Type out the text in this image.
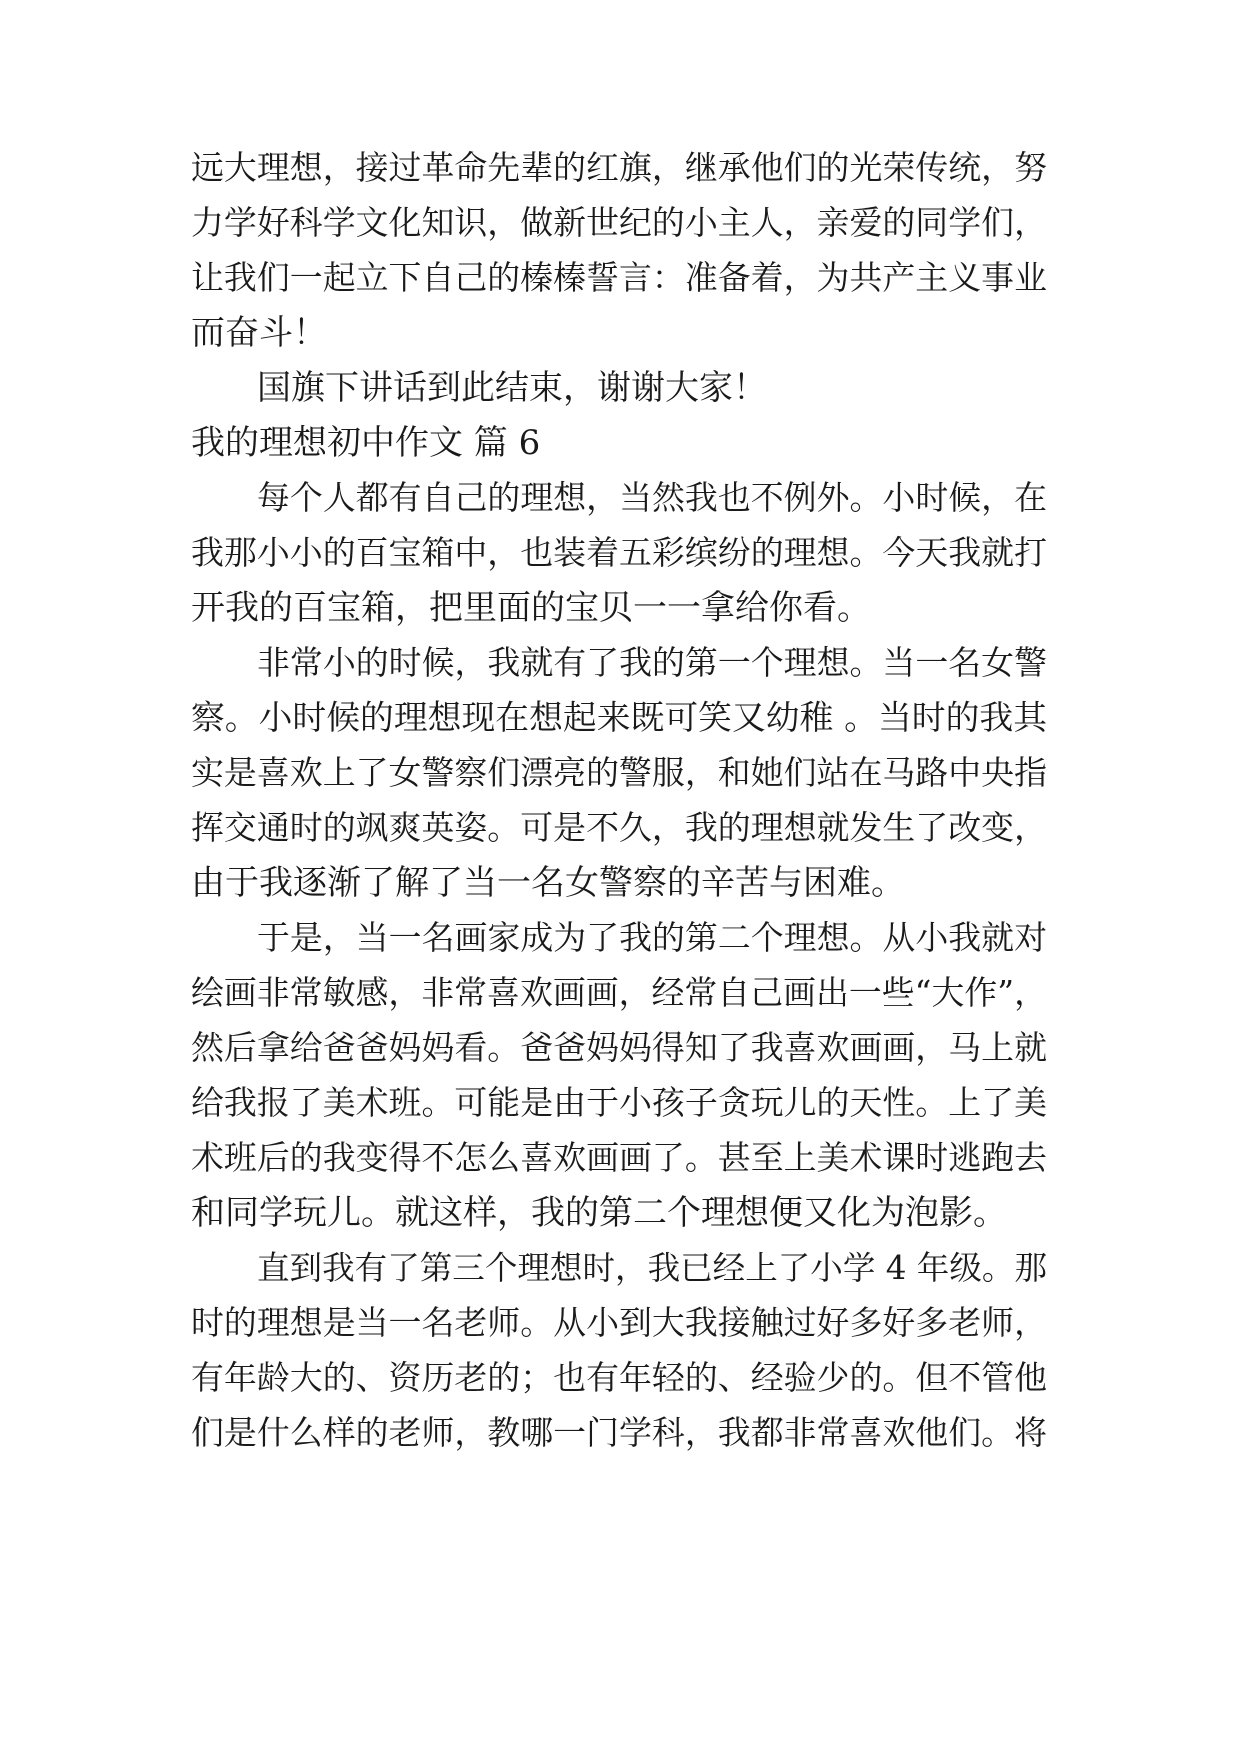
远大理想，接过革命先辈的红旗，继承他们的光荣传统，努
力学好科学文化知识，做新世纪的小主人，亲爱的同学们，
让我们一起立下自己的榛榛誓言：准备着，为共产主义事业
而奋斗！
国旗下讲话到此结束，谢谢大家！
我的理想初中作文 篇 6
每个人都有自己的理想，当然我也不例外。小时候，在
我那小小的百宝箱中，也装着五彩缤纷的理想。今天我就打
开我的百宝箱，把里面的宝贝一一拿给你看。
非常小的时候，我就有了我的第一个理想。当一名女警
察。小时候的理想现在想起来既可笑又幼稚 。当时的我其
实是喜欢上了女警察们漂亮的警服，和她们站在马路中央指
挥交通时的飒爽英姿。可是不久，我的理想就发生了改变，
由于我逐渐了解了当一名女警察的辛苦与困难。
于是，当一名画家成为了我的第二个理想。从小我就对
绘画非常敏感，非常喜欢画画，经常自己画出一些“大作”，
然后拿给爸爸妈妈看。爸爸妈妈得知了我喜欢画画，马上就
给我报了美术班。可能是由于小孩子贪玩儿的天性。上了美
术班后的我变得不怎么喜欢画画了。甚至上美术课时逃跑去
和同学玩儿。就这样，我的第二个理想便又化为泡影。
直到我有了第三个理想时，我已经上了小学 4 年级。那
时的理想是当一名老师。从小到大我接触过好多好多老师，
有年龄大的、资历老的；也有年轻的、经验少的。但不管他
们是什么样的老师，教哪一门学科，我都非常喜欢他们。将
